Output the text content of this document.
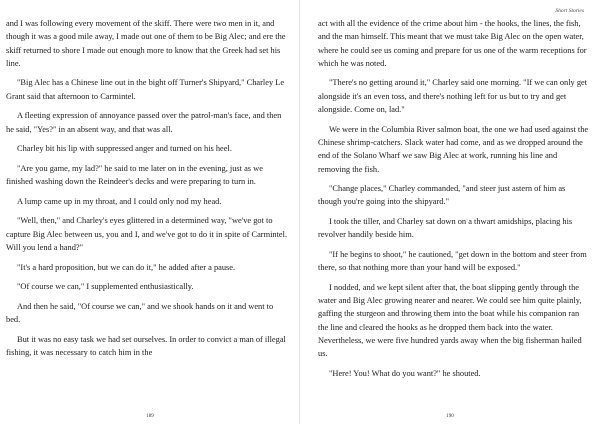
and I was following every movement of the skiff. There were two men in it, and though it was a good mile away, I made out one of them to be Big Alec; and ere the skiff returned to shore I made out enough more to know that the Greek had set his line.

"Big Alec has a Chinese line out in the bight off Turner's Shipyard," Charley Le Grant said that afternoon to Carmintel.

A fleeting expression of annoyance passed over the patrol-man's face, and then he said, "Yes?" in an absent way, and that was all.

Charley bit his lip with suppressed anger and turned on his heel.

"Are you game, my lad?" he said to me later on in the evening, just as we finished washing down the Reindeer's decks and were preparing to turn in.

A lump came up in my throat, and I could only nod my head.

"Well, then," and Charley's eyes glittered in a determined way, "we've got to capture Big Alec between us, you and I, and we've got to do it in spite of Carmintel. Will you lend a hand?"

"It's a hard proposition, but we can do it," he added after a pause.

"Of course we can," I supplemented enthusiastically.

And then he said, "Of course we can," and we shook hands on it and went to bed.

But it was no easy task we had set ourselves. In order to convict a man of illegal fishing, it was necessary to catch him in the

189
Short Stories

act with all the evidence of the crime about him - the hooks, the lines, the fish, and the man himself. This meant that we must take Big Alec on the open water, where he could see us coming and prepare for us one of the warm receptions for which he was noted.

"There's no getting around it," Charley said one morning. "If we can only get alongside it's an even toss, and there's nothing left for us but to try and get alongside. Come on, lad."

We were in the Columbia River salmon boat, the one we had used against the Chinese shrimp-catchers. Slack water had come, and as we dropped around the end of the Solano Wharf we saw Big Alec at work, running his line and removing the fish.

"Change places," Charley commanded, "and steer just astern of him as though you're going into the shipyard."

I took the tiller, and Charley sat down on a thwart amidships, placing his revolver handily beside him.

"If he begins to shoot," he cautioned, "get down in the bottom and steer from there, so that nothing more than your hand will be exposed."

I nodded, and we kept silent after that, the boat slipping gently through the water and Big Alec growing nearer and nearer. We could see him quite plainly, gaffing the sturgeon and throwing them into the boat while his companion ran the line and cleared the hooks as he dropped them back into the water. Nevertheless, we were five hundred yards away when the big fisherman hailed us.

"Here! You! What do you want?" he shouted.

190
